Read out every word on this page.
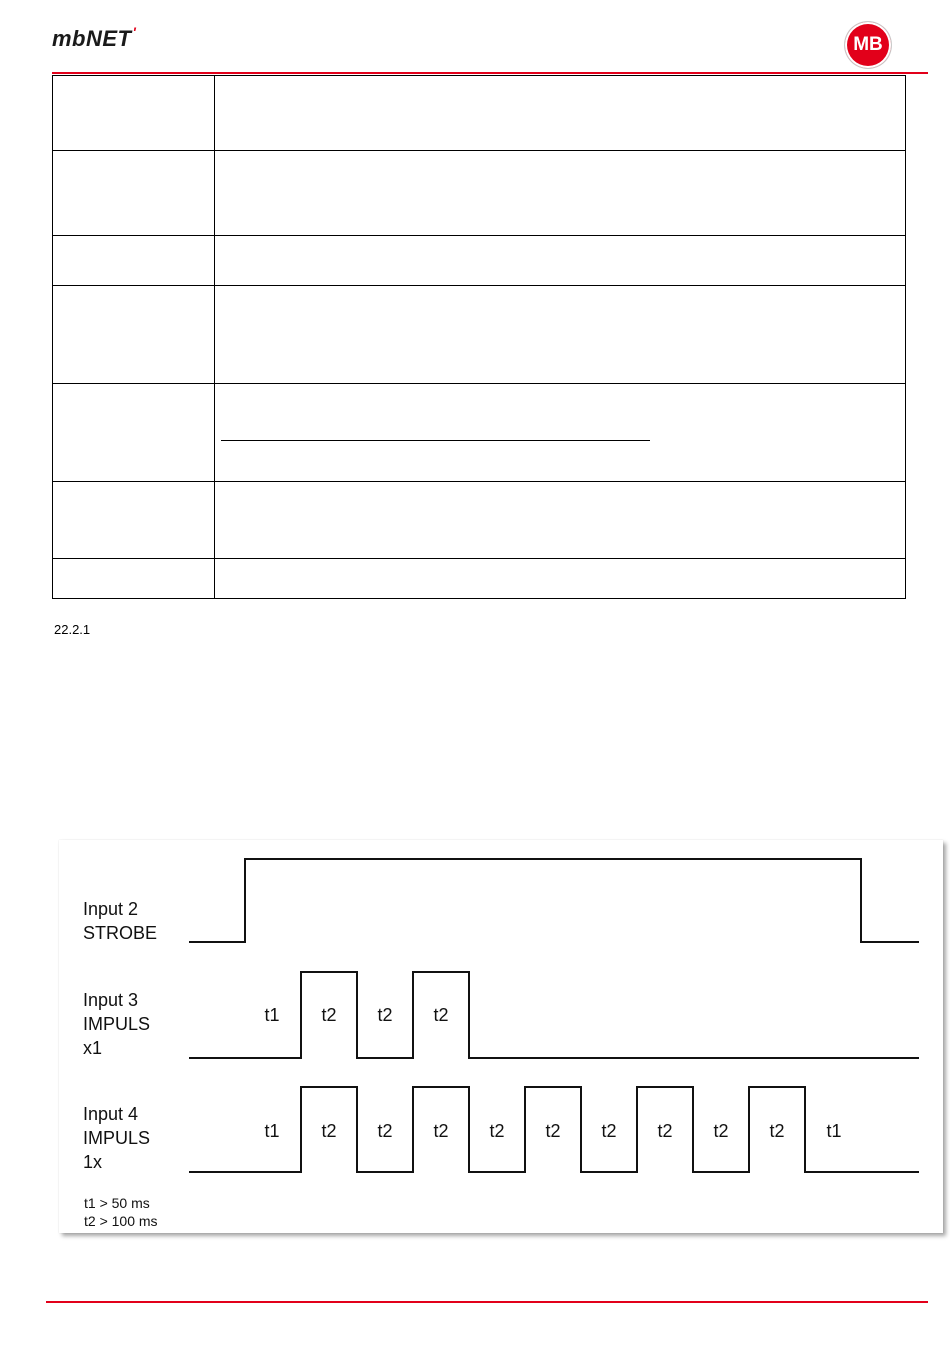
mbNET'
MB

22.2.1
Input 2
STROBE
Input 3
IMPULS
x1
Input 4
IMPULS
1x
t1	t2	t2	t2
t1	t2	t2	t2	t2	t2	t2	t2	t2	t2	t1
t1 > 50 ms
t2 > 100 ms
